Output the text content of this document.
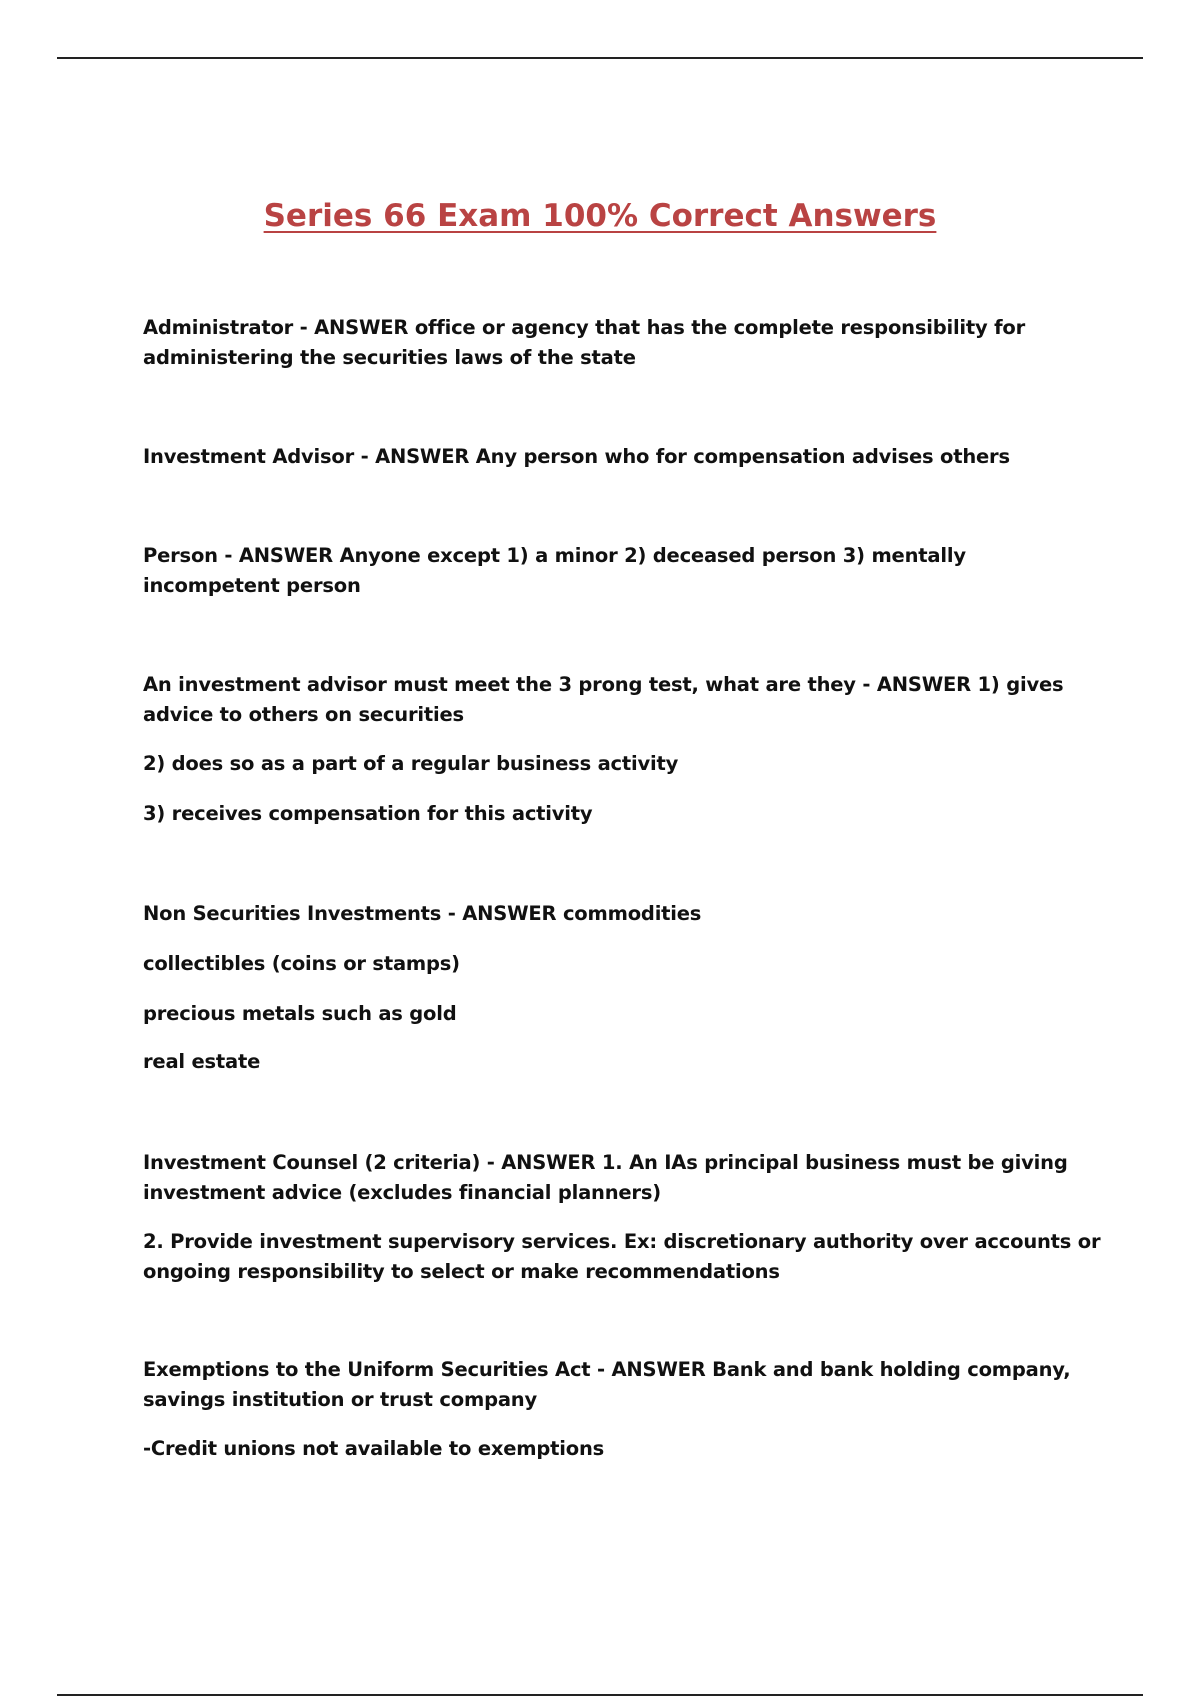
Series 66 Exam 100% Correct Answers

Administrator - ANSWER office or agency that has the complete responsibility for
administering the securities laws of the state

Investment Advisor - ANSWER Any person who for compensation advises others

Person - ANSWER Anyone except 1) a minor 2) deceased person 3) mentally
incompetent person

An investment advisor must meet the 3 prong test, what are they - ANSWER 1) gives
advice to others on securities

2) does so as a part of a regular business activity

3) receives compensation for this activity

Non Securities Investments - ANSWER commodities

collectibles (coins or stamps)

precious metals such as gold

real estate

Investment Counsel (2 criteria) - ANSWER 1. An IAs principal business must be giving
investment advice (excludes financial planners)

2. Provide investment supervisory services. Ex: discretionary authority over accounts or
ongoing responsibility to select or make recommendations

Exemptions to the Uniform Securities Act - ANSWER Bank and bank holding company,
savings institution or trust company

-Credit unions not available to exemptions
